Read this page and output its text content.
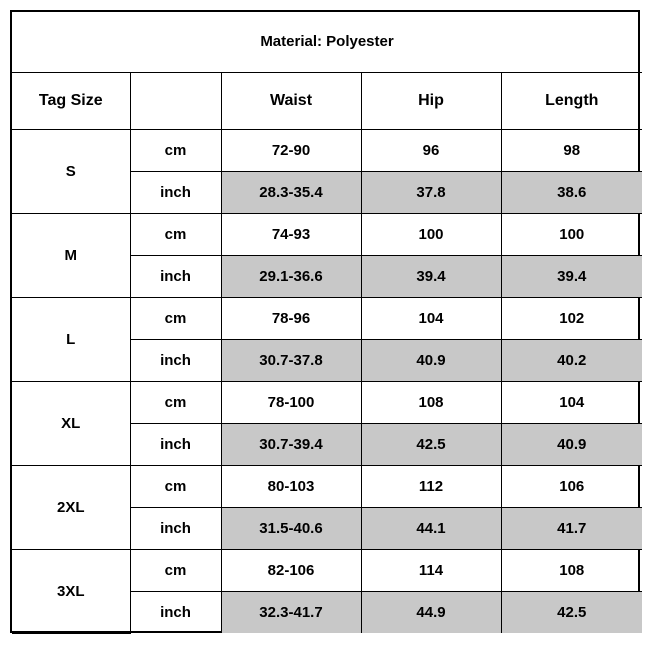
Material: Polyester				
Tag Size		Waist	Hip	Length
S	cm	72-90	96	98
	inch	28.3-35.4	37.8	38.6
M	cm	74-93	100	100
	inch	29.1-36.6	39.4	39.4
L	cm	78-96	104	102
	inch	30.7-37.8	40.9	40.2
XL	cm	78-100	108	104
	inch	30.7-39.4	42.5	40.9
2XL	cm	80-103	112	106
	inch	31.5-40.6	44.1	41.7
3XL	cm	82-106	114	108
	inch	32.3-41.7	44.9	42.5
